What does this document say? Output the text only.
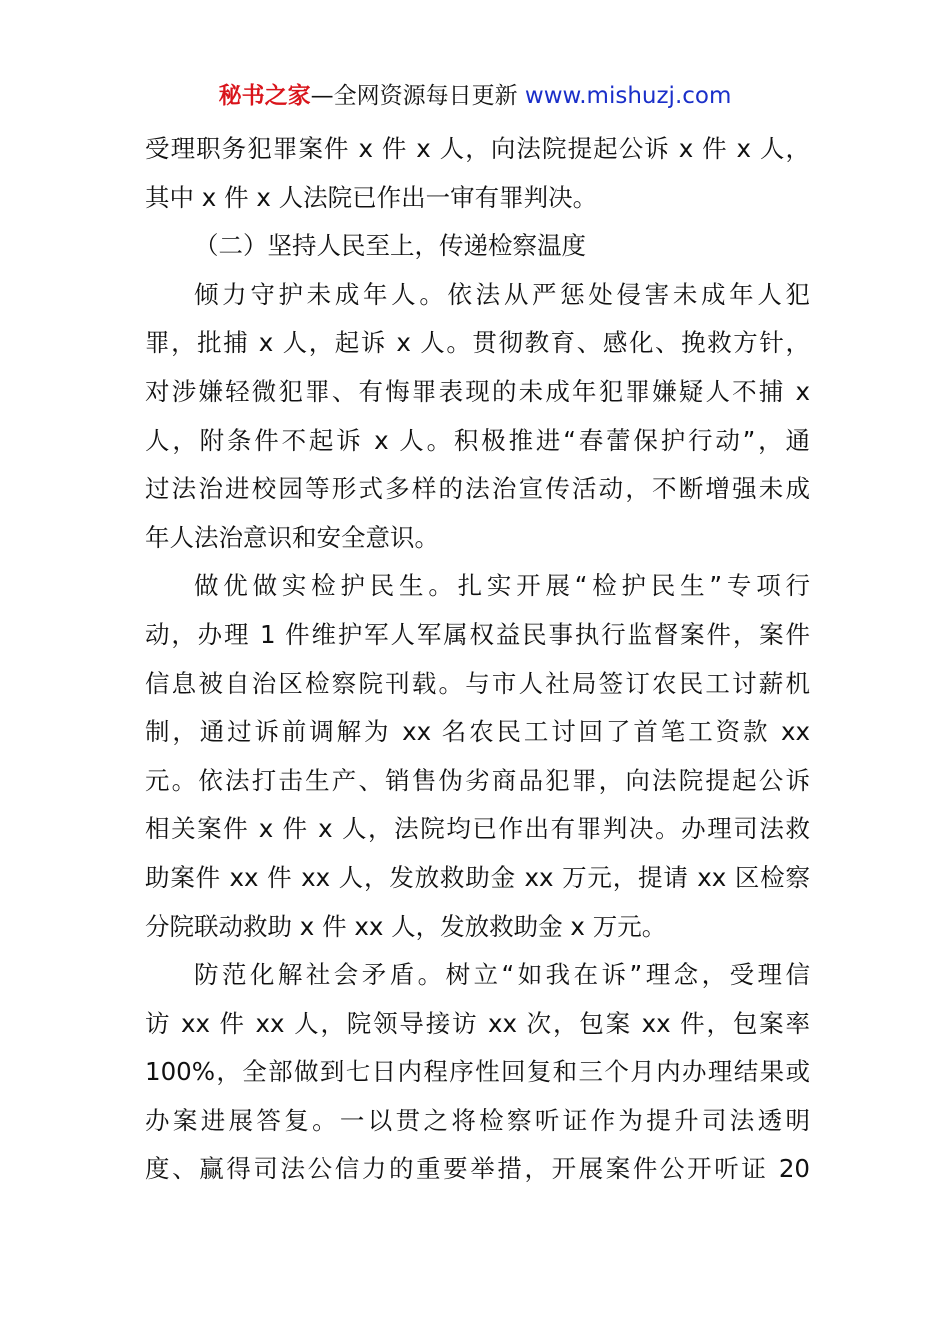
秘书之家—全网资源每日更新 www.mishuzj.com
受理职务犯罪案件 x 件 x 人，向法院提起公诉 x 件 x 人，
其中 x 件 x 人法院已作出一审有罪判决。
（二）坚持人民至上，传递检察温度
倾力守护未成年人。依法从严惩处侵害未成年人犯
罪，批捕 x 人，起诉 x 人。贯彻教育、感化、挽救方针，
对涉嫌轻微犯罪、有悔罪表现的未成年犯罪嫌疑人不捕 x
人，附条件不起诉 x 人。积极推进“春蕾保护行动”，通
过法治进校园等形式多样的法治宣传活动，不断增强未成
年人法治意识和安全意识。
做优做实检护民生。扎实开展“检护民生”专项行
动，办理 1 件维护军人军属权益民事执行监督案件，案件
信息被自治区检察院刊载。与市人社局签订农民工讨薪机
制，通过诉前调解为 xx 名农民工讨回了首笔工资款 xx
元。依法打击生产、销售伪劣商品犯罪，向法院提起公诉
相关案件 x 件 x 人，法院均已作出有罪判决。办理司法救
助案件 xx 件 xx 人，发放救助金 xx 万元，提请 xx 区检察
分院联动救助 x 件 xx 人，发放救助金 x 万元。
防范化解社会矛盾。树立“如我在诉”理念，受理信
访 xx 件 xx 人，院领导接访 xx 次，包案 xx 件，包案率
100%，全部做到七日内程序性回复和三个月内办理结果或
办案进展答复。一以贯之将检察听证作为提升司法透明
度、赢得司法公信力的重要举措，开展案件公开听证 20
